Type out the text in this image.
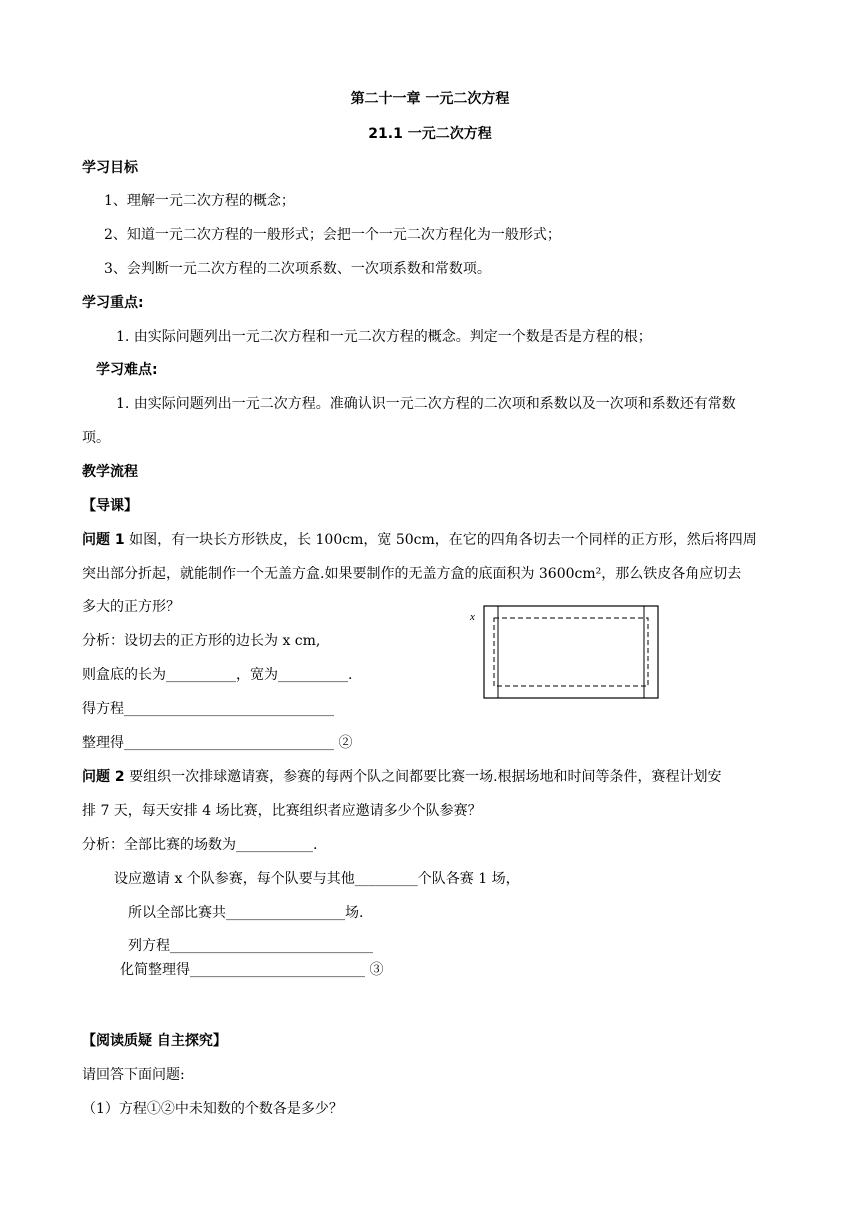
第二十一章 一元二次方程
21.1 一元二次方程
学习目标
1、理解一元二次方程的概念；
2、知道一元二次方程的一般形式；会把一个一元二次方程化为一般形式；
3、会判断一元二次方程的二次项系数、一次项系数和常数项。
学习重点:
1. 由实际问题列出一元二次方程和一元二次方程的概念。判定一个数是否是方程的根；
学习难点:
1. 由实际问题列出一元二次方程。准确认识一元二次方程的二次项和系数以及一次项和系数还有常数
项。
教学流程
【导课】
问题 1 如图，有一块长方形铁皮，长 100cm，宽 50cm，在它的四角各切去一个同样的正方形，然后将四周
突出部分折起，就能制作一个无盖方盒.如果要制作的无盖方盒的底面积为 3600cm²，那么铁皮各角应切去
多大的正方形？
分析：设切去的正方形的边长为 x cm,
则盒底的长为__________，宽为__________.
得方程______________________________
整理得______________________________ ②
x
问题 2 要组织一次排球邀请赛，参赛的每两个队之间都要比赛一场.根据场地和时间等条件，赛程计划安
排 7 天，每天安排 4 场比赛，比赛组织者应邀请多少个队参赛？
分析：全部比赛的场数为___________.
设应邀请 x 个队参赛，每个队要与其他_________个队各赛 1 场，
所以全部比赛共_________________场.
列方程_____________________________
化简整理得_________________________ ③
【阅读质疑 自主探究】
请回答下面问题:
（1）方程①②中未知数的个数各是多少？
